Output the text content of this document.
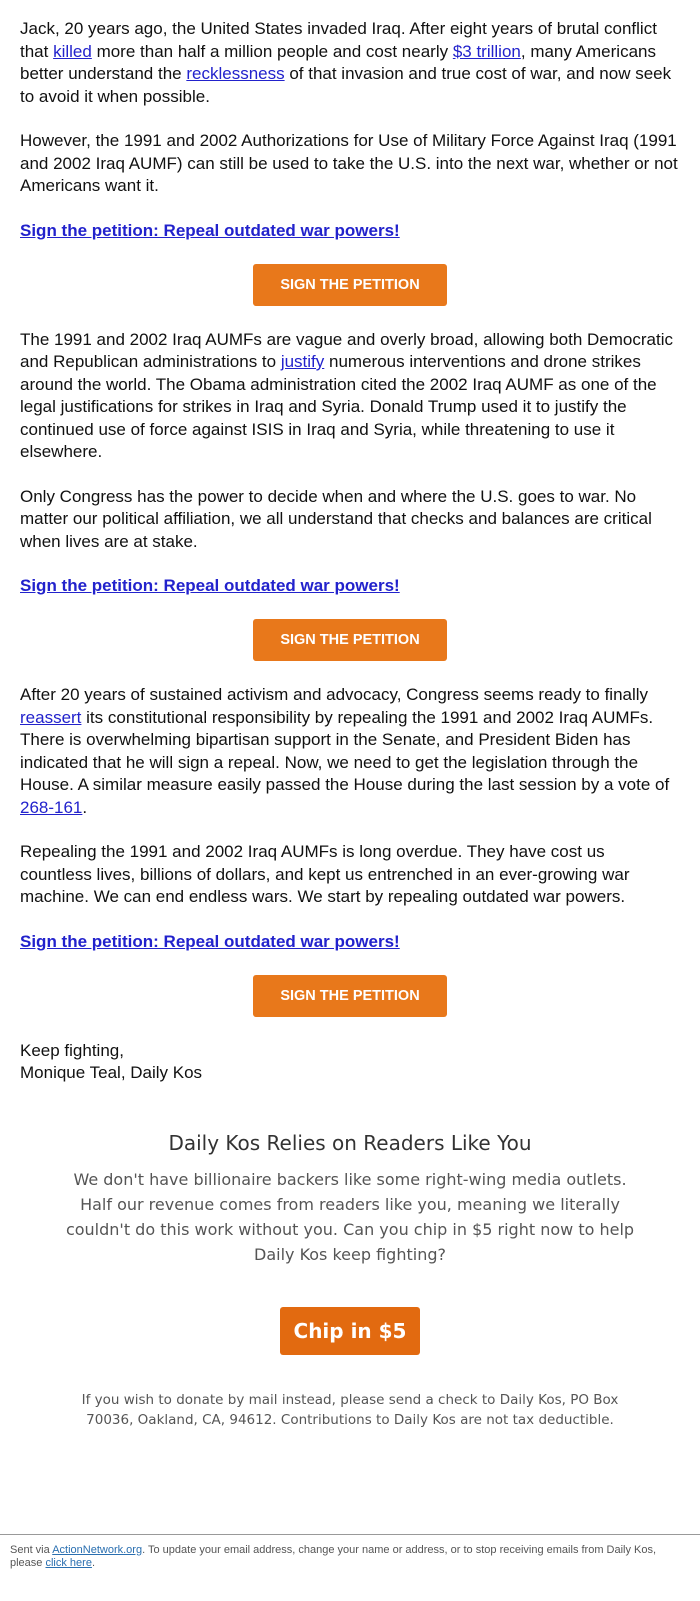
Jack, 20 years ago, the United States invaded Iraq. After eight years of brutal conflict that killed more than half a million people and cost nearly $3 trillion, many Americans better understand the recklessness of that invasion and true cost of war, and now seek to avoid it when possible.

However, the 1991 and 2002 Authorizations for Use of Military Force Against Iraq (1991 and 2002 Iraq AUMF) can still be used to take the U.S. into the next war, whether or not Americans want it.

Sign the petition: Repeal outdated war powers!
SIGN THE PETITION

The 1991 and 2002 Iraq AUMFs are vague and overly broad, allowing both Democratic and Republican administrations to justify numerous interventions and drone strikes around the world. The Obama administration cited the 2002 Iraq AUMF as one of the legal justifications for strikes in Iraq and Syria. Donald Trump used it to justify the continued use of force against ISIS in Iraq and Syria, while threatening to use it elsewhere.

Only Congress has the power to decide when and where the U.S. goes to war. No matter our political affiliation, we all understand that checks and balances are critical when lives are at stake.

Sign the petition: Repeal outdated war powers!
SIGN THE PETITION

After 20 years of sustained activism and advocacy, Congress seems ready to finally reassert its constitutional responsibility by repealing the 1991 and 2002 Iraq AUMFs. There is overwhelming bipartisan support in the Senate, and President Biden has indicated that he will sign a repeal. Now, we need to get the legislation through the House. A similar measure easily passed the House during the last session by a vote of 268-161.

Repealing the 1991 and 2002 Iraq AUMFs is long overdue. They have cost us countless lives, billions of dollars, and kept us entrenched in an ever-growing war machine. We can end endless wars. We start by repealing outdated war powers.

Sign the petition: Repeal outdated war powers!
SIGN THE PETITION

Keep fighting,
Monique Teal, Daily Kos

Daily Kos Relies on Readers Like You
We don't have billionaire backers like some right-wing media outlets. Half our revenue comes from readers like you, meaning we literally couldn't do this work without you. Can you chip in $5 right now to help Daily Kos keep fighting?
Chip in $5
If you wish to donate by mail instead, please send a check to Daily Kos, PO Box 70036, Oakland, CA, 94612. Contributions to Daily Kos are not tax deductible.
Sent via ActionNetwork.org. To update your email address, change your name or address, or to stop receiving emails from Daily Kos, please click here.
